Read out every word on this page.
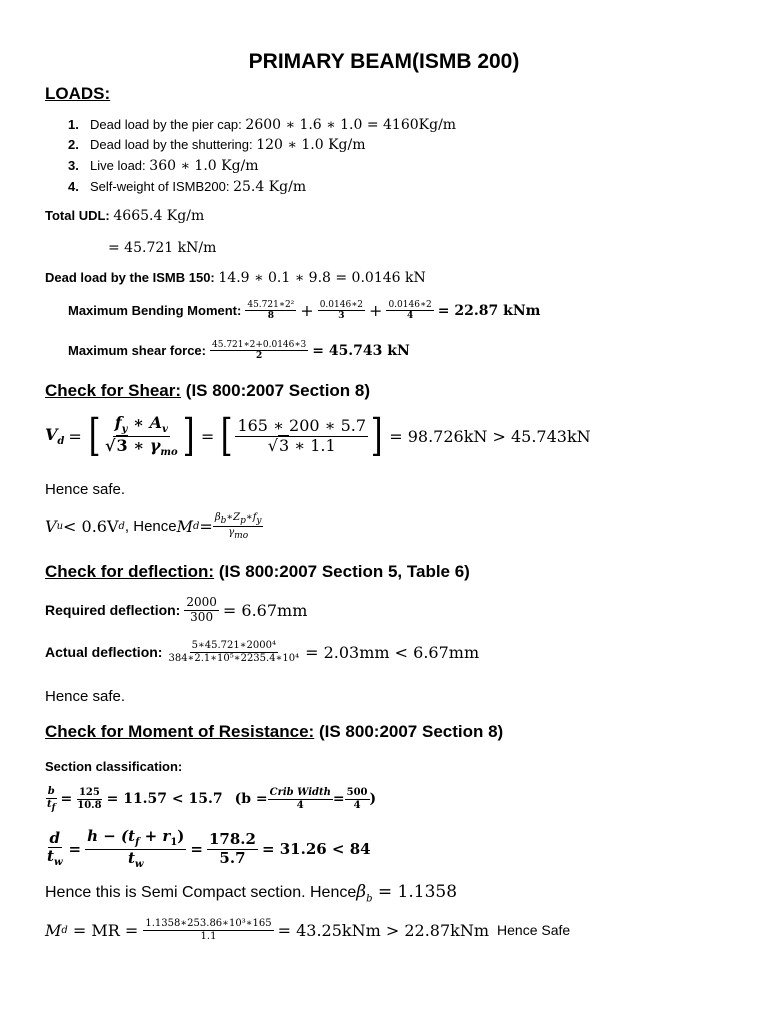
PRIMARY BEAM(ISMB 200)
LOADS:
1. Dead load by the pier cap: 2600 ∗ 1.6 ∗ 1.0 = 4160Kg/m
2. Dead load by the shuttering: 120 ∗ 1.0 Kg/m
3. Live load: 360 ∗ 1.0 Kg/m
4. Self-weight of ISMB200: 25.4 Kg/m
Total UDL: 4665.4 Kg/m
= 45.721 kN/m
Dead load by the ISMB 150: 14.9 ∗ 0.1 ∗ 9.8 = 0.0146 kN
Maximum Bending Moment: $\frac{\text{45.721∗2²}}{8} + \frac{0.0146∗2}{3} + \frac{0.0146∗2}{4} = 22.87$ kNm
Maximum shear force: $\frac{45.721∗2+0.0146∗3}{2} = 45.743$ kN
Check for Shear: (IS 800:2007 Section 8)
$V_d$ = [ $\frac{f_y ∗ A_v}{√3 ∗ \gamma_{mo}}$ ] = [ $\frac{165 ∗ 200 ∗ 5.7}{√3 ∗ 1.1}$ ] = 98.726kN > 45.743kN
Hence safe.
V u < 0.6V d , Hence M $d = \frac{\beta_b∗Z_p∗f_y}{\gamma_{mo}}$
Check for deflection: (IS 800:2007 Section 5, Table 6)
Required deflection: $\frac{2000}{300} = 6.67mm$
Actual deflection: $\frac{\text{5∗45.721∗2000⁴}}{\text{384∗2.1∗10⁵∗2235.4∗10⁴}} = 2.03mm < 6.67mm$
Hence safe.
Check for Moment of Resistance: (IS 800:2007 Section 8)
Section classification:
$\frac{b}{t_f} = \frac{125}{10.8} = 11.57 < 15.7$ ($b = \frac{\text{Crib Width}}{4} = \frac{500}{4}$ )
$\frac{d}{t_w} = \frac{h - (t_f + r_1)}{t_w} = \frac{178.2}{5.7} = 31.26 < 84$
Hence this is Semi Compact section. Hence $\beta_b = 1.1358$
M d = MR = $\frac{\text{1.1358∗253.86∗10³∗165}}{1.1} = 43.25kNm > 22.87kNm$ Hence Safe
